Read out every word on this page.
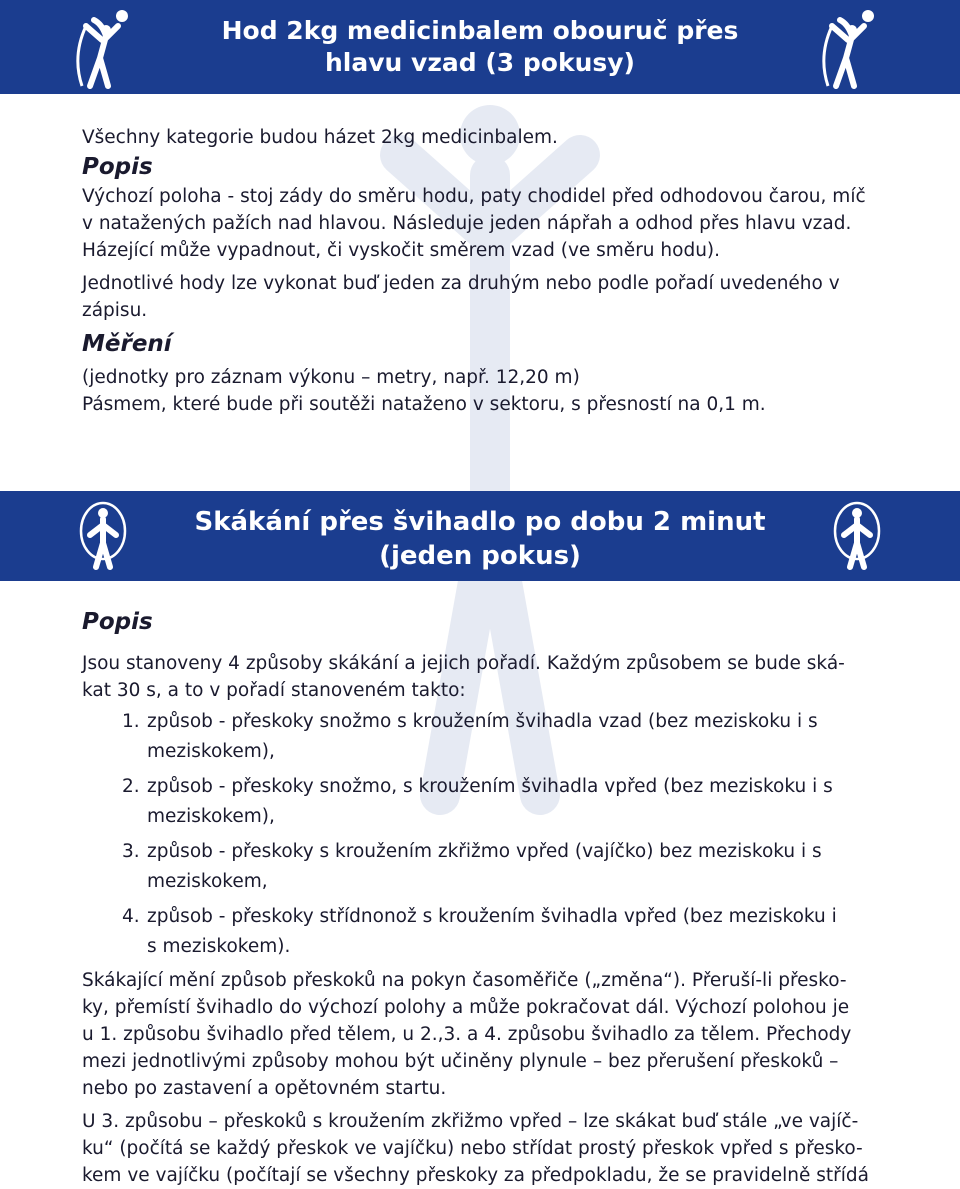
Hod 2kg medicinbalem obouruč přes
hlavu vzad (3 pokusy)

Všechny kategorie budou házet 2kg medicinbalem.

Popis

Výchozí poloha - stoj zády do směru hodu, paty chodidel před odhodovou čarou, míč

v natažených pažích nad hlavou. Následuje jeden nápřah a odhod přes hlavu vzad.

Házející může vypadnout, či vyskočit směrem vzad (ve směru hodu).

Jednotlivé hody lze vykonat buď jeden za druhým nebo podle pořadí uvedeného v

zápisu.

Měření

(jednotky pro záznam výkonu – metry, např. 12,20 m)

Pásmem, které bude při soutěži nataženo v sektoru, s přesností na 0,1 m.

Skákání přes švihadlo po dobu 2 minut
(jeden pokus)

Popis

Jsou stanoveny 4 způsoby skákání a jejich pořadí. Každým způsobem se bude ská-

kat 30 s, a to v pořadí stanoveném takto:

1. způsob - přeskoky snožmo s kroužením švihadla vzad (bez meziskoku i s
meziskokem),
2. způsob - přeskoky snožmo, s kroužením švihadla vpřed (bez meziskoku i s
meziskokem),
3. způsob - přeskoky s kroužením zkřižmo vpřed (vajíčko) bez meziskoku i s
meziskokem,
4. způsob - přeskoky střídnonož s kroužením švihadla vpřed (bez meziskoku i
s meziskokem).
Skákající mění způsob přeskoků na pokyn časoměřiče („změna“). Přeruší-li přesko-
ky, přemístí švihadlo do výchozí polohy a může pokračovat dál. Výchozí polohou je
u 1. způsobu švihadlo před tělem, u 2.,3. a 4. způsobu švihadlo za tělem. Přechody
mezi jednotlivými způsoby mohou být učiněny plynule – bez přerušení přeskoků –
nebo po zastavení a opětovném startu.
U 3. způsobu – přeskoků s kroužením zkřižmo vpřed – lze skákat buď stále „ve vajíč-
ku“ (počítá se každý přeskok ve vajíčku) nebo střídat prostý přeskok vpřed s přesko-
kem ve vajíčku (počítají se všechny přeskoky za předpokladu, že se pravidelně střídá
